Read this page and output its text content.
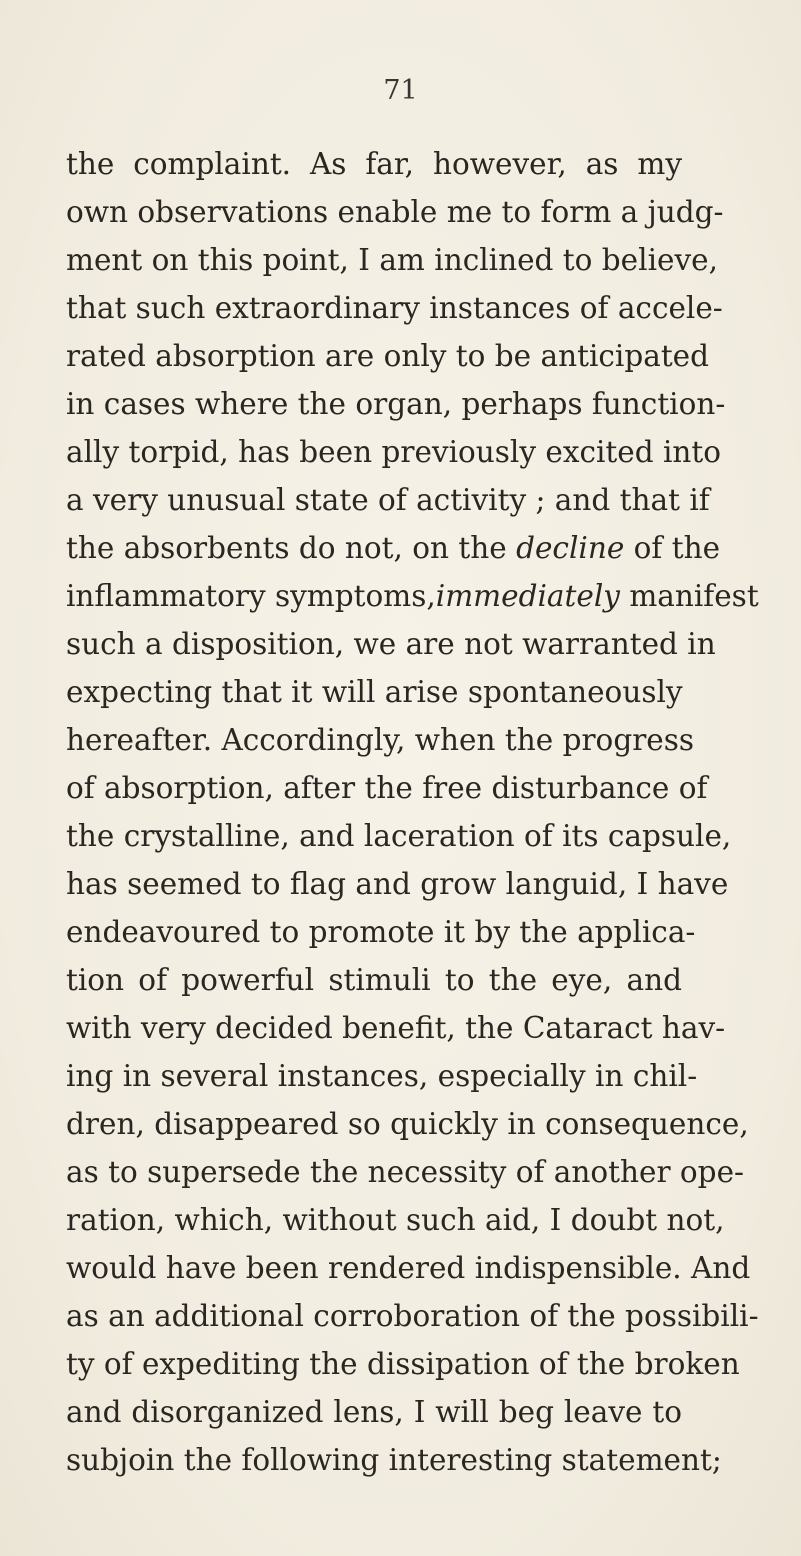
71
the complaint. As far, however, as my
own observations enable me to form a judg-
ment on this point, I am inclined to believe,
that such extraordinary instances of accele-
rated absorption are only to be anticipated
in cases where the organ, perhaps function-
ally torpid, has been previously excited into
a very unusual state of activity ; and that if
the absorbents do not, on the decline of the
inflammatory symptoms,immediately manifest
such a disposition, we are not warranted in
expecting that it will arise spontaneously
hereafter. Accordingly, when the progress
of absorption, after the free disturbance of
the crystalline, and laceration of its capsule,
has seemed to flag and grow languid, I have
endeavoured to promote it by the applica-
tion of powerful stimuli to the eye, and
with very decided benefit, the Cataract hav-
ing in several instances, especially in chil-
dren, disappeared so quickly in consequence,
as to supersede the necessity of another ope-
ration, which, without such aid, I doubt not,
would have been rendered indispensible. And
as an additional corroboration of the possibili-
ty of expediting the dissipation of the broken
and disorganized lens, I will beg leave to
subjoin the following interesting statement;
